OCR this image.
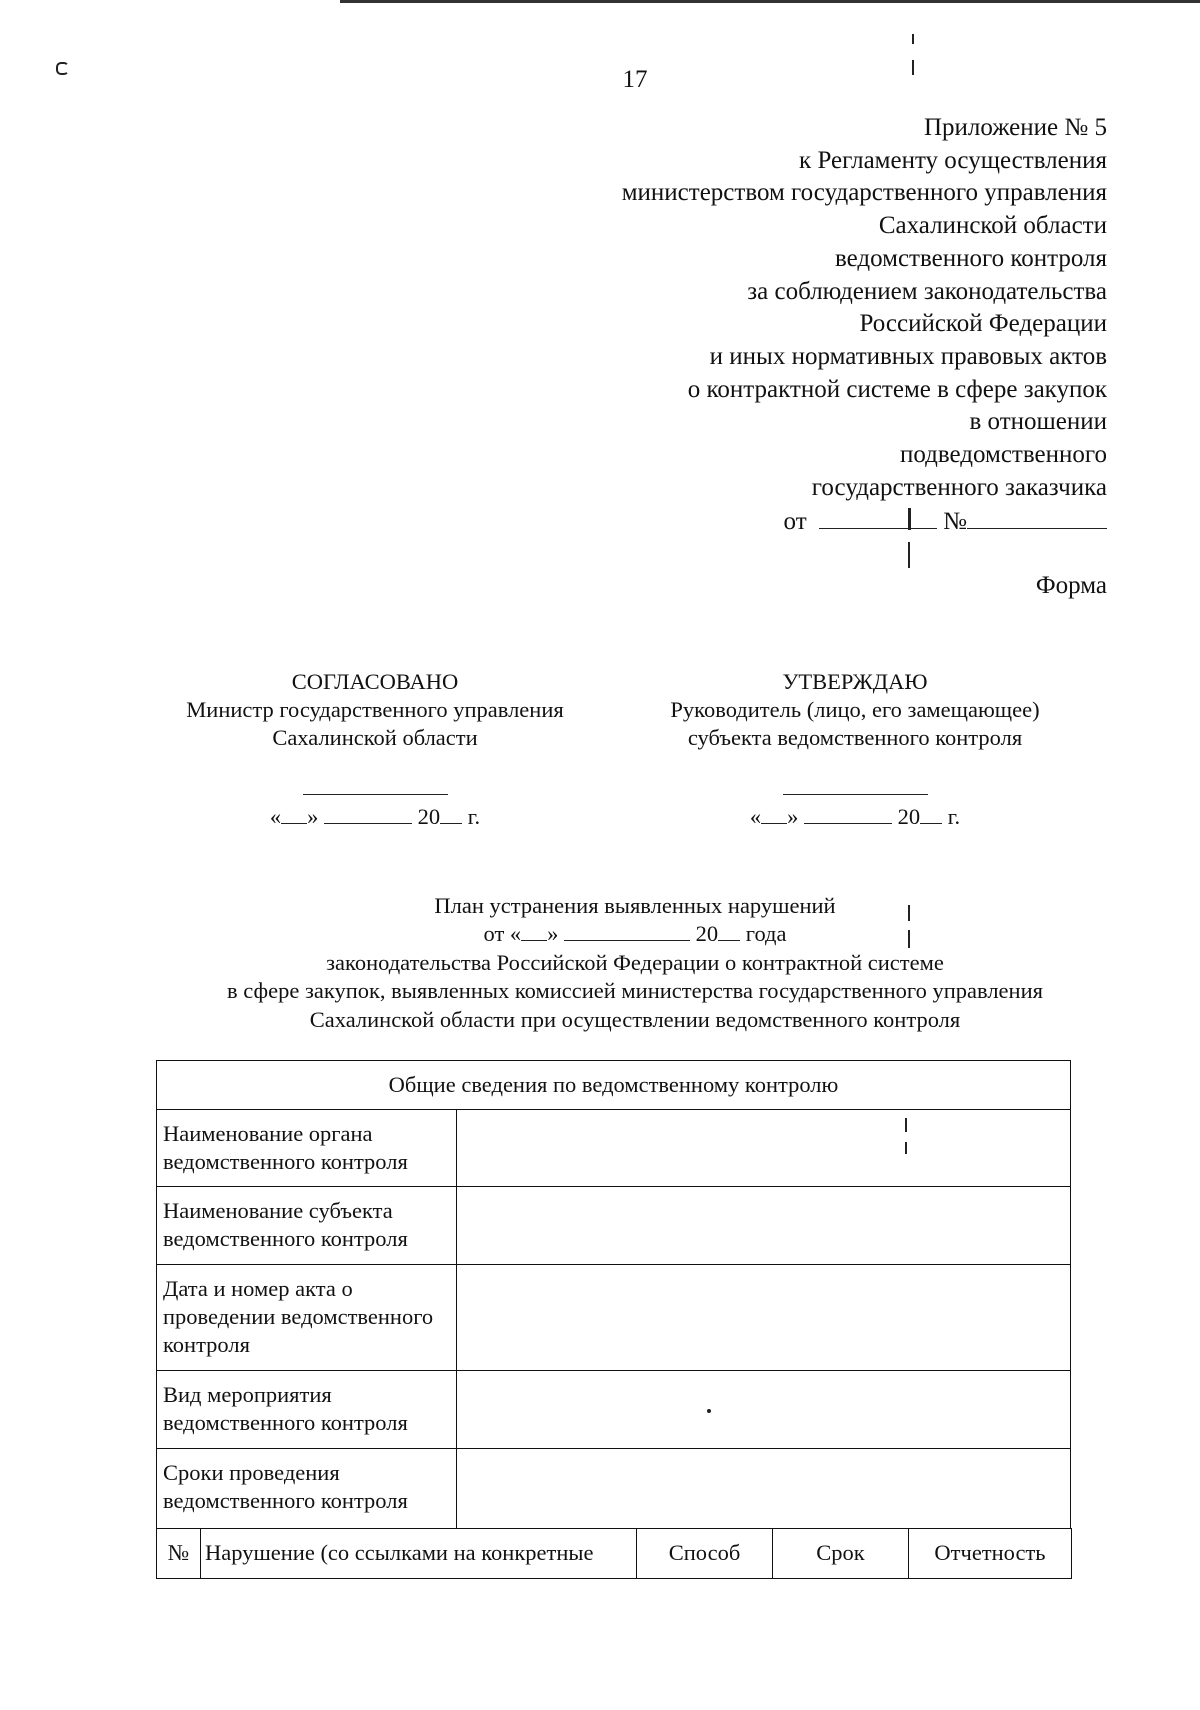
17
Приложение № 5
к Регламенту осуществления
министерством государственного управления
Сахалинской области
ведомственного контроля
за соблюдением законодательства
Российской Федерации
и иных нормативных правовых актов
о контрактной системе в сфере закупок
в отношении
подведомственного
государственного заказчика
от	№
Форма
СОГЛАСОВАНО
Министр государственного управления
Сахалинской области
« »	20 г.
УТВЕРЖДАЮ
Руководитель (лицо, его замещающее)
субъекта ведомственного контроля
« »	20 г.
План устранения выявленных нарушений
от « »	20 года
законодательства Российской Федерации о контрактной системе
в сфере закупок, выявленных комиссией министерства государственного управления
Сахалинской области при осуществлении ведомственного контроля
Общие сведения по ведомственному контролю	
Наименование органа ведомственного контроля	
Наименование субъекта ведомственного контроля	
Дата и номер акта о проведении ведомственного контроля	
Вид мероприятия ведомственного контроля	
Сроки проведения ведомственного контроля	
№	Нарушение (со ссылками на конкретные	Способ	Срок	Отчетность
